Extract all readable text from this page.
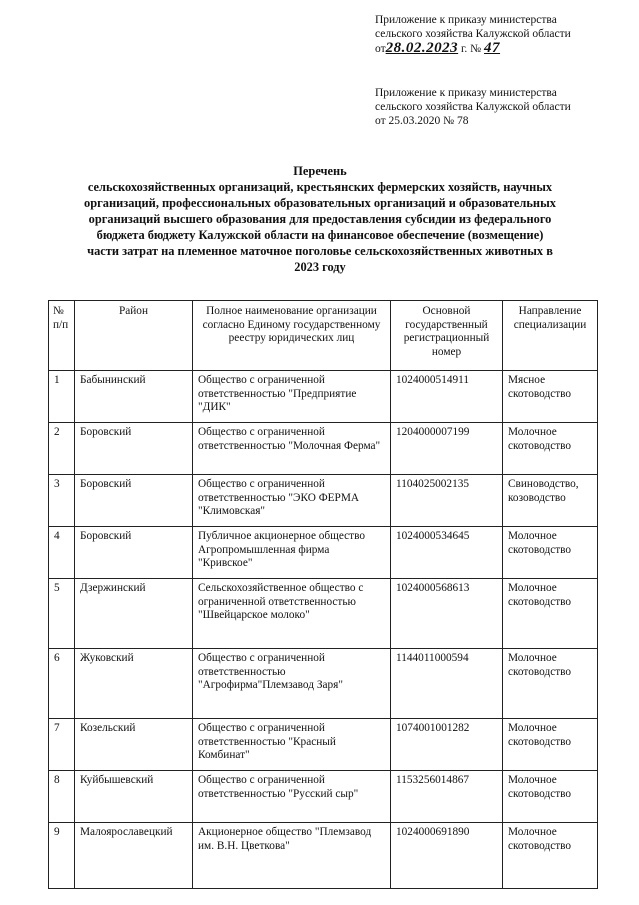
Приложение к приказу министерства
сельского хозяйства Калужской области
от28.02.2023 г. № 47
Приложение к приказу министерства
сельского хозяйства Калужской области
от 25.03.2020 № 78
Перечень
сельскохозяйственных организаций, крестьянских фермерских хозяйств, научных
организаций, профессиональных образовательных организаций и образовательных
организаций высшего образования для предоставления субсидии из федерального
бюджета бюджету Калужской области на финансовое обеспечение (возмещение)
части затрат на племенное маточное поголовье сельскохозяйственных животных в
2023 году
№ п/п	Район	Полное наименование организации согласно Единому государственному реестру юридических лиц	Основной государственный регистрационный номер	Направление специализации
1	Бабынинский	Общество с ограниченной ответственностью "Предприятие "ДИК"	1024000514911	Мясное скотоводство
2	Боровский	Общество с ограниченной ответственностью "Молочная Ферма"	1204000007199	Молочное скотоводство
3	Боровский	Общество с ограниченной ответственностью "ЭКО ФЕРМА "Климовская"	1104025002135	Свиноводство, козоводство
4	Боровский	Публичное акционерное общество Агропромышленная фирма "Кривское"	1024000534645	Молочное скотоводство
5	Дзержинский	Сельскохозяйственное общество с ограниченной ответственностью "Швейцарское молоко"	1024000568613	Молочное скотоводство
6	Жуковский	Общество с ограниченной ответственностью "Агрофирма"Племзавод Заря"	1144011000594	Молочное скотоводство
7	Козельский	Общество с ограниченной ответственностью "Красный Комбинат"	1074001001282	Молочное скотоводство
8	Куйбышевский	Общество с ограниченной ответственностью "Русский сыр"	1153256014867	Молочное скотоводство
9	Малоярославецкий	Акционерное общество "Племзавод им. В.Н. Цветкова"	1024000691890	Молочное скотоводство
